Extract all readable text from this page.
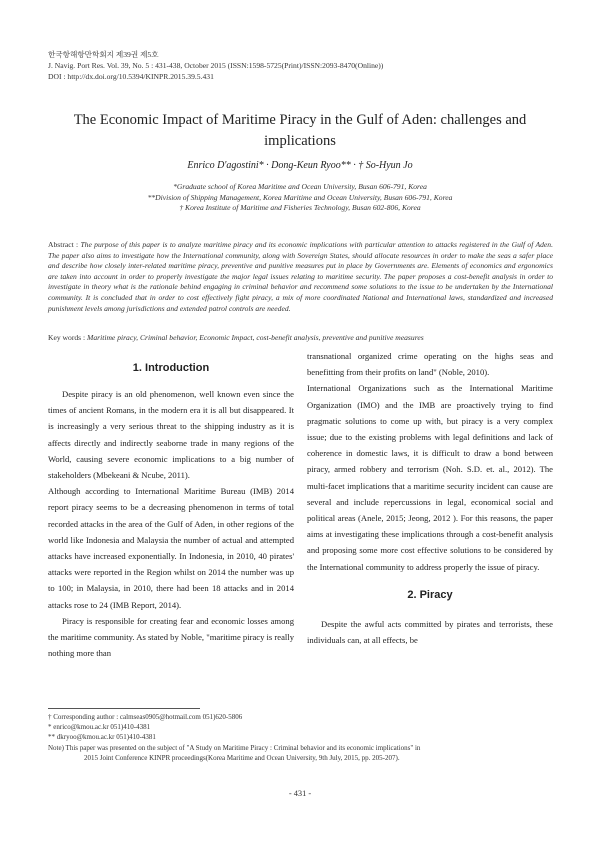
한국항해항만학회지 제39권 제5호
J. Navig. Port Res. Vol. 39, No. 5 : 431-438, October 2015 (ISSN:1598-5725(Print)/ISSN:2093-8470(Online))
DOI : http://dx.doi.org/10.5394/KINPR.2015.39.5.431
The Economic Impact of Maritime Piracy in the Gulf of Aden: challenges and implications
Enrico D'agostini* · Dong-Keun Ryoo** · † So-Hyun Jo
*Graduate school of Korea Maritime and Ocean University, Busan 606-791, Korea
**Division of Shipping Management, Korea Maritime and Ocean University, Busan 606-791, Korea
† Korea Institute of Maritime and Fisheries Technology, Busan 602-806, Korea
Abstract : The purpose of this paper is to analyze maritime piracy and its economic implications with particular attention to attacks registered in the Gulf of Aden. The paper also aims to investigate how the International community, along with Sovereign States, should allocate resources in order to make the seas a safer place and describe how closely inter-related maritime piracy, preventive and punitive measures put in place by Governments are. Elements of economics and ergonomics are taken into account in order to properly investigate the major legal issues relating to maritime security. The paper proposes a cost-benefit analysis in order to investigate in theory what is the rationale behind engaging in criminal behavior and recommend some solutions to the issue to be undertaken by the International community. It is concluded that in order to cost effectively fight piracy, a mix of more coordinated National and International laws, standardized and increased punishment levels among jurisdictions and extended patrol controls are needed.
Key words : Maritime piracy, Criminal behavior, Economic Impact, cost-benefit analysis, preventive and punitive measures
1. Introduction

Despite piracy is an old phenomenon, well known even since the times of ancient Romans, in the modern era it is all but disappeared. It is increasingly a very serious threat to the shipping industry as it is affects directly and indirectly seaborne trade in many regions of the World, causing severe economic implications to a big number of stakeholders (Mbekeani & Ncube, 2011).

Although according to International Maritime Bureau (IMB) 2014 report piracy seems to be a decreasing phenomenon in terms of total recorded attacks in the area of the Gulf of Aden, in other regions of the world like Indonesia and Malaysia the number of actual and attempted attacks have increased exponentially. In Indonesia, in 2010, 40 pirates' attacks were reported in the Region whilst on 2014 the number was up to 100; in Malaysia, in 2010, there had been 18 attacks and in 2014 attacks rose to 24 (IMB Report, 2014).

Piracy is responsible for creating fear and economic losses among the maritime community. As stated by Noble, "maritime piracy is really nothing more than

transnational organized crime operating on the highs seas and benefitting from their profits on land" (Noble, 2010).

International Organizations such as the International Maritime Organization (IMO) and the IMB are proactively trying to find pragmatic solutions to come up with, but piracy is a very complex issue; due to the existing problems with legal definitions and lack of coherence in domestic laws, it is difficult to draw a bond between piracy, armed robbery and terrorism (Noh. S.D. et. al., 2012). The multi-facet implications that a maritime security incident can cause are several and include repercussions in legal, economical social and political areas (Anele, 2015; Jeong, 2012 ). For this reasons, the paper aims at investigating these implications through a cost-benefit analysis and proposing some more cost effective solutions to be considered by the International community to address properly the issue of piracy.

2. Piracy

Despite the awful acts committed by pirates and terrorists, these individuals can, at all effects, be

† Corresponding author : calmseas0905@hotmail.com 051)620-5806

* enrico@kmou.ac.kr 051)410-4381

** dkryoo@kmou.ac.kr 051)410-4381

Note) This paper was presented on the subject of "A Study on Maritime Piracy : Criminal behavior and its economic implications" in

2015 Joint Conference KINPR proceedings(Korea Maritime and Ocean University, 9th July, 2015, pp. 205-207).

- 431 -
